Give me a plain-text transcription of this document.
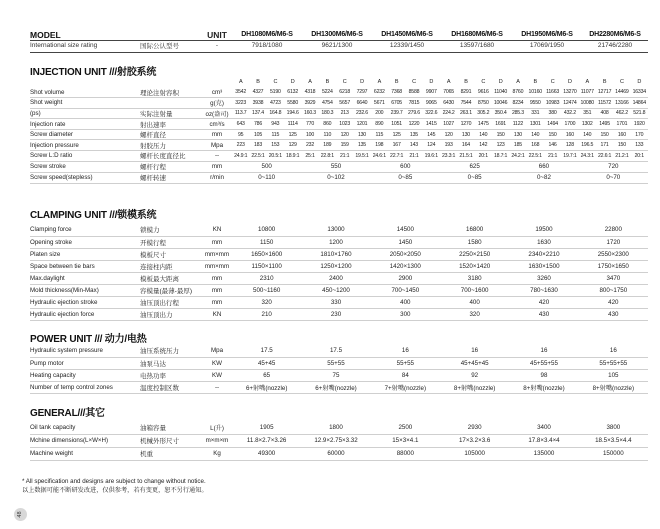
MODEL		UNIT	DH1080M6/M6-S	DH1300M6/M6-S	DH1450M6/M6-S	DH1680M6/M6-S	DH1950M6/M6-S	DH2280M6/M6-S
International size rating	国际公认型号	-	7918/1080	9621/1300	12339/1450	13597/1680	17069/1950	21746/2280
INJECTION UNIT ///射胶系统
			A	B	C	D	A	B	C	D	A	B	C	D	A	B	C	D	A	B	C	D	A	B	C	D
Shot volume	理论注射容积	cm³	3542	4327	5190	6132	4318	5224	6218	7297	6232	7368	8588	9907	7065	8291	9616	11040	8760	10160	11663	13270	11077	12717	14469	16334
Shot weight		g(克)	3223	3938	4723	5580	3929	4754	5657	6640	5671	6705	7815	9065	6430	7544	8750	10046	8234	9550	10983	12474	10080	11572	13166	14864
(ps)	实际注射量	oz(盎司)	113.7	137.4	164.8	194.6	160.3	180.3	213	232.6	200	239.7	279.6	322.6	224.2	263.1	305.2	350.4	285.3	331	380	432.2	351	408	462.2	521.8
Injection rate	射出速率	cm³/s	643	786	943	1114	770	860	1023	1201	890	1051	1220	1415	1027	1270	1475	1691	1122	1301	1494	1700	1302	1495	1701	1920
Screw diameter	螺杆直径	mm	95	105	115	125	100	110	120	130	115	125	135	145	120	130	140	150	130	140	150	160	140	150	160	170
Injection pressure	射胶压力	Mpa	223	183	153	129	232	189	159	135	198	167	143	124	193	164	142	123	185	168	146	128	196.5	171	150	133
Screw L:D ratio	螺杆长度直径比	--	24.9:1	22.5:1	20.5:1	18.9:1	25:1	22.8:1	21:1	19.5:1	24.6:1	22.7:1	21:1	19.6:1	23.3:1	21.5:1	20:1	18.7:1	24.2:1	22.5:1	21:1	19.7:1	24.3:1	22.6:1	21.2:1	20:1
Screw stroke	螺杆行程	mm	500				550				600				625				660				720			
Screw speed(stepless)	螺杆转速	r/min	0~110				0~102				0~85				0~85				0~82				0~70			
CLAMPING UNIT ///锁模系统
Clamping force	锁模力	KN	10800	13000	14500	16800	19500	22800
Opening stroke	开模行程	mm	1150	1200	1450	1580	1630	1720
Platen size	模板尺寸	mm×mm	1650×1600	1810×1760	2050×2050	2250×2150	2340×2210	2550×2300
Space between tie bars	连接柱内距	mm×mm	1150×1100	1250×1200	1420×1300	1520×1420	1630×1500	1750×1650
Max.daylight	模板最大距离	mm	2310	2400	2900	3180	3260	3470
Mold thickness(Min-Max)	容模量(最薄-最厚)	mm	500~1160	450~1200	700~1450	700~1600	780~1630	800~1750
Hydraulic ejection stroke	油压顶出行程	mm	320	330	400	400	420	420
Hydraulic ejection force	油压顶出力	KN	210	230	300	320	430	430
POWER UNIT /// 动力/电热
Hydraulic system pressure	油压系统压力	Mpa	17.5	17.5	16	16	16	16
Pump motor	油泵马达	KW	45+45	55+55	55+55	45+45+45	45+55+55	55+55+55
Heating capacity	电热功率	KW	65	75	84	92	98	105
Number of temp control zones	温度控制区数	--	6+射嘴(nozzle)	6+射嘴(nozzle)	7+射嘴(nozzle)	8+射嘴(nozzle)	8+射嘴(nozzle)	8+射嘴(nozzle)
GENERAL///其它
Oil tank capacity	油箱容量	L(升)	1905	1800	2500	2930	3400	3800
Mchine dimensions(L×W×H)	机械外形尺寸	m×m×m	11.8×2.7×3.26	12.9×2.75×3.32	15×3×4.1	17×3.2×3.6	17.8×3.4×4	18.5×3.5×4.4
Machine weight	机重	Kg	49300	60000	88000	105000	135000	150000
* All specification and designs are subject to change without notice.
以上数据可能不断研发改进，仅供参考，若有变更，恕不另行通知。
48
